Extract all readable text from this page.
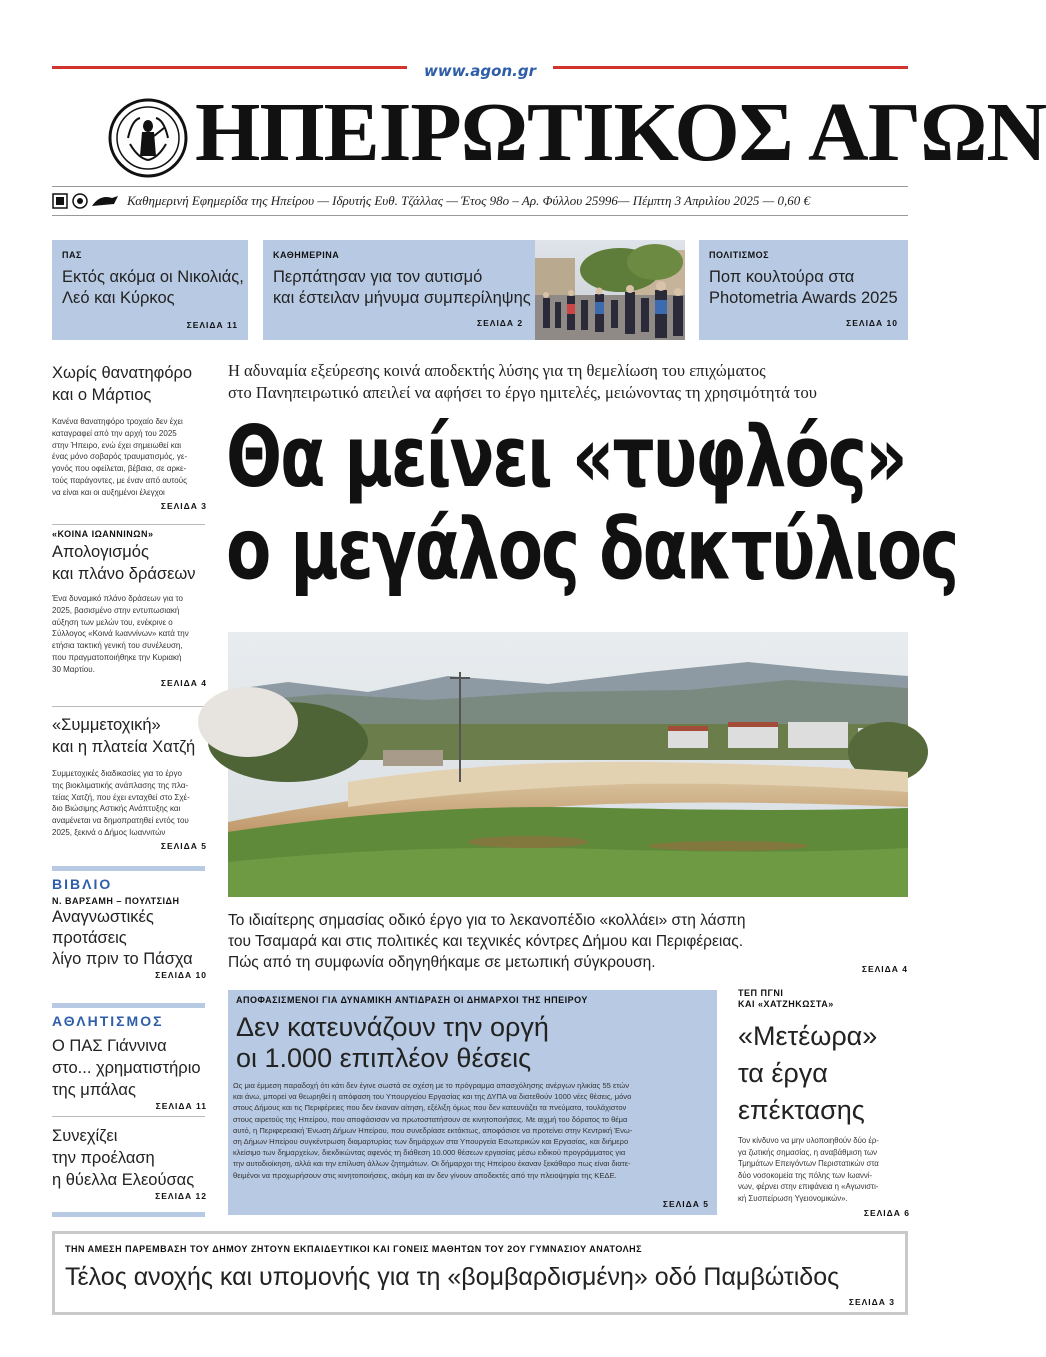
www.agon.gr
ΗΠΕΙΡΩΤΙΚΟΣ ΑΓΩΝ
Καθημερινή Εφημερίδα της Ηπείρου — Ιδρυτής Ευθ. Τζάλλας — Έτος 98ο – Αρ. Φύλλου 25996— Πέμπτη 3 Απριλίου 2025 — 0,60 €
ΠΑΣ
Εκτός ακόμα οι Νικολιάς,
Λεό και Κύρκος
ΣΕΛΙΔΑ 11
ΚΑΘΗΜΕΡΙΝΑ
Περπάτησαν για τον αυτισμό
και έστειλαν μήνυμα συμπερίληψης
ΣΕΛΙΔΑ 2
ΠΟΛΙΤΙΣΜΟΣ
Ποπ κουλτούρα στα
Photometria Awards 2025
ΣΕΛΙΔΑ 10
Χωρίς θανατηφόρο
και ο Μάρτιος
Κανένα θανατηφόρο τροχαίο δεν έχει
καταγραφεί από την αρχή του 2025
στην Ήπειρο, ενώ έχει σημειωθεί και
ένας μόνο σοβαρός τραυματισμός, γε-
γονός που οφείλεται, βέβαια, σε αρκε-
τούς παράγοντες, με έναν από αυτούς
να είναι και οι αυξημένοι έλεγχοι
ΣΕΛΙΔΑ 3
«ΚΟΙΝΑ ΙΩΑΝΝΙΝΩΝ»
Απολογισμός
και πλάνο δράσεων
Ένα δυναμικό πλάνο δράσεων για το
2025, βασισμένο στην εντυπωσιακή
αύξηση των μελών του, ενέκρινε ο
Σύλλογος «Κοινά Ιωαννίνων» κατά την
ετήσια τακτική γενική του συνέλευση,
που πραγματοποιήθηκε την Κυριακή
30 Μαρτίου.
ΣΕΛΙΔΑ 4
«Συμμετοχική»
και η πλατεία Χατζή
Συμμετοχικές διαδικασίες για το έργο
της βιοκλιματικής ανάπλασης της πλα-
τείας Χατζή, που έχει ενταχθεί στο Σχέ-
διο Βιώσιμης Αστικής Ανάπτυξης και
αναμένεται να δημοπρατηθεί εντός του
2025, ξεκινά ο Δήμος Ιωαννιτών
ΣΕΛΙΔΑ 5
ΒΙΒΛΙΟ
Ν. ΒΑΡΣΑΜΗ – ΠΟΥΛΤΣΙΔΗ
Αναγνωστικές
προτάσεις
λίγο πριν το Πάσχα
ΣΕΛΙΔΑ 10
ΑΘΛΗΤΙΣΜΟΣ
Ο ΠΑΣ Γιάννινα
στο... χρηματιστήριο
της μπάλας
ΣΕΛΙΔΑ 11
Συνεχίζει
την προέλαση
η θύελλα Ελεούσας
ΣΕΛΙΔΑ 12
Η αδυναμία εξεύρεσης κοινά αποδεκτής λύσης για τη θεμελίωση του επιχώματος
στο Πανηπειρωτικό απειλεί να αφήσει το έργο ημιτελές, μειώνοντας τη χρησιμότητά του
Θα μείνει «τυφλός»
ο μεγάλος δακτύλιος
Το ιδιαίτερης σημασίας οδικό έργο για το λεκανοπέδιο «κολλάει» στη λάσπη
του Τσαμαρά και στις πολιτικές και τεχνικές κόντρες Δήμου και Περιφέρειας.
Πώς από τη συμφωνία οδηγηθήκαμε σε μετωπική σύγκρουση.	ΣΕΛΙΔΑ 4
ΑΠΟΦΑΣΙΣΜΕΝΟΙ ΓΙΑ ΔΥΝΑΜΙΚΗ ΑΝΤΙΔΡΑΣΗ ΟΙ ΔΗΜΑΡΧΟΙ ΤΗΣ ΗΠΕΙΡΟΥ
Δεν κατευνάζουν την οργή
οι 1.000 επιπλέον θέσεις
Ως μια έμμεση παραδοχή ότι κάτι δεν έγινε σωστά σε σχέση με το πρόγραμμα απασχόλησης ανέργων ηλικίας 55 ετών
και άνω, μπορεί να θεωρηθεί η απόφαση του Υπουργείου Εργασίας και της ΔΥΠΑ να διατεθούν 1000 νέες θέσεις, μόνο
στους Δήμους και τις Περιφέρειες που δεν έκαναν αίτηση, εξέλιξη όμως που δεν κατευνάζει τα πνεύματα, τουλάχιστον
στους αιρετούς της Ηπείρου, που αποφάσισαν να πρωτοστατήσουν σε κινητοποιήσεις. Με αιχμή του δόρατος το θέμα
αυτό, η Περιφερειακή Ένωση Δήμων Ηπείρου, που συνεδρίασε εκτάκτως, αποφάσισε να προτείνει στην Κεντρική Ένω-
ση Δήμων Ηπείρου συγκέντρωση διαμαρτυρίας των δημάρχων στα Υπουργεία Εσωτερικών και Εργασίας, και διήμερο
κλείσιμο των δημαρχείων, διεκδικώντας αφενός τη διάθεση 10.000 θέσεων εργασίας μέσω ειδικού προγράμματος για
την αυτοδιοίκηση, αλλά και την επίλυση άλλων ζητημάτων. Οι δήμαρχοι της Ηπείρου έκαναν ξεκάθαρο πως είναι διατε-
θειμένοι να προχωρήσουν στις κινητοποιήσεις, ακόμη και αν δεν γίνουν αποδεκτές από την πλειοψηφία της ΚΕΔΕ.
ΣΕΛΙΔΑ 5
ΤΕΠ ΠΓΝΙ
ΚΑΙ «ΧΑΤΖΗΚΩΣΤΑ»
«Μετέωρα»
τα έργα
επέκτασης
Τον κίνδυνο να μην υλοποιηθούν δύο έρ-
γα ζωτικής σημασίας, η αναβάθμιση των
Τμημάτων Επειγόντων Περιστατικών στα
δύο νοσοκομεία της πόλης των Ιωαννί-
νων, φέρνει στην επιφάνεια η «Αγωνιστι-
κή Συσπείρωση Υγειονομικών».
ΣΕΛΙΔΑ 6
ΤΗΝ ΑΜΕΣΗ ΠΑΡΕΜΒΑΣΗ ΤΟΥ ΔΗΜΟΥ ΖΗΤΟΥΝ ΕΚΠΑΙΔΕΥΤΙΚΟΙ ΚΑΙ ΓΟΝΕΙΣ ΜΑΘΗΤΩΝ ΤΟΥ 2ΟΥ ΓΥΜΝΑΣΙΟΥ ΑΝΑΤΟΛΗΣ
Τέλος ανοχής και υπομονής για τη «βομβαρδισμένη» οδό Παμβώτιδος
ΣΕΛΙΔΑ 3
